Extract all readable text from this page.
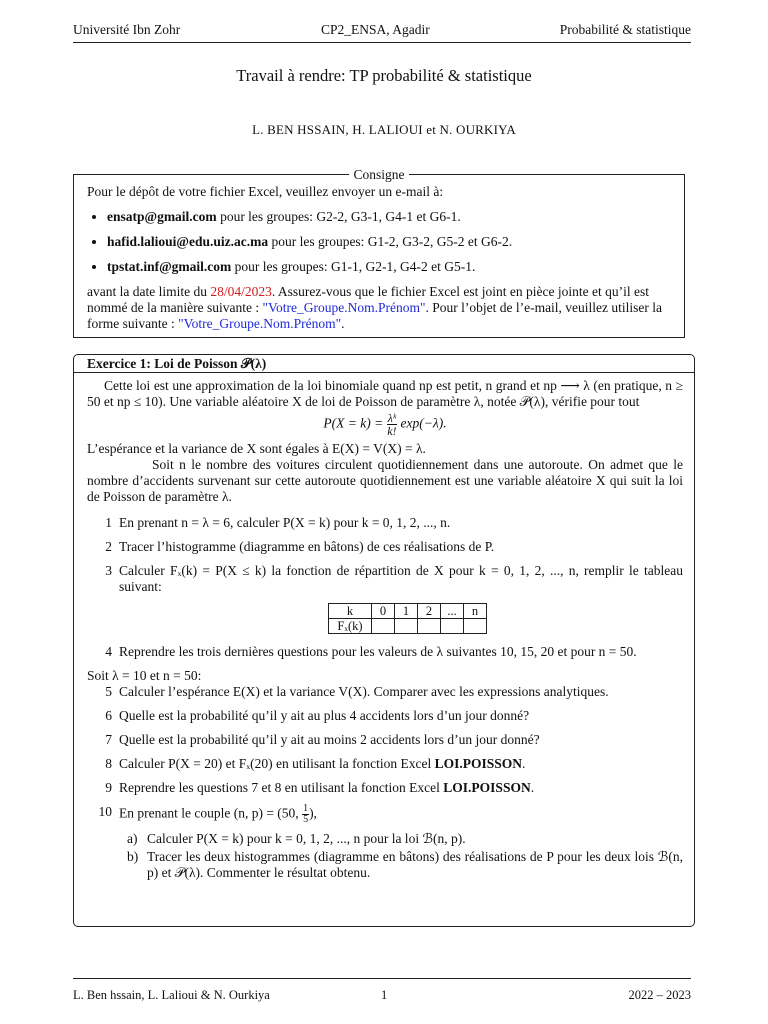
Université Ibn Zohr	CP2_ENSA, Agadir	Probabilité & statistique
Travail à rendre: TP probabilité & statistique
L. BEN HSSAIN, H. LALIOUI et N. OURKIYA
Consigne

Pour le dépôt de votre fichier Excel, veuillez envoyer un e-mail à:

• ensatp@gmail.com pour les groupes: G2-2, G3-1, G4-1 et G6-1.
• hafid.lalioui@edu.uiz.ac.ma pour les groupes: G1-2, G3-2, G5-2 et G6-2.
• tpstat.inf@gmail.com pour les groupes: G1-1, G2-1, G4-2 et G5-1.

avant la date limite du 28/04/2023. Assurez-vous que le fichier Excel est joint en pièce jointe et qu’il est nommé de la manière suivante : "Votre_Groupe.Nom.Prénom". Pour l’objet de l’e-mail, veuillez utiliser la forme suivante : "Votre_Groupe.Nom.Prénom".

Exercice 1: Loi de Poisson 𝒫(λ)

Cette loi est une approximation de la loi binomiale quand np est petit, n grand et np ⟶ λ (en pratique, n ≥ 50 et np ≤ 10). Une variable aléatoire X de loi de Poisson de paramètre λ, notée 𝒫(λ), vérifie pour tout

$P(X = k) = \frac{\text{λᵏ}}{k!} \exp(-\lambda)$.

L’espérance et la variance de X sont égales à E(X) = V(X) = λ.

Soit n le nombre des voitures circulent quotidiennement dans une autoroute. On admet que le nombre d’accidents survenant sur cette autoroute quotidiennement est une variable aléatoire X qui suit la loi de Poisson de paramètre λ.

1 En prenant n = λ = 6, calculer P(X = k) pour k = 0, 1, 2, ..., n.
2 Tracer l’histogramme (diagramme en bâtons) de ces réalisations de P.
3 Calculer Fₓ(k) = P(X ≤ k) la fonction de répartition de X pour k = 0, 1, 2, ..., n, remplir le tableau suivant:
k	0	1	2	...	n
Fₓ(k)					
4 Reprendre les trois dernières questions pour les valeurs de λ suivantes 10, 15, 20 et pour n = 50.

Soit λ = 10 et n = 50:

5 Calculer l’espérance E(X) et la variance V(X). Comparer avec les expressions analytiques.
6 Quelle est la probabilité qu’il y ait au plus 4 accidents lors d’un jour donné?
7 Quelle est la probabilité qu’il y ait au moins 2 accidents lors d’un jour donné?
8 Calculer P(X = 20) et Fₓ(20) en utilisant la fonction Excel LOI.POISSON.
9 Reprendre les questions 7 et 8 en utilisant la fonction Excel LOI.POISSON.
10 En prenant le couple (n, p) = (50, $\frac{1}{5}$ ),
a) Calculer P(X = k) pour k = 0, 1, 2, ..., n pour la loi ℬ(n, p).
b) Tracer les deux histogrammes (diagramme en bâtons) des réalisations de P pour les deux lois ℬ(n, p) et 𝒫(λ). Commenter le résultat obtenu.
L. Ben hssain, L. Lalioui & N. Ourkiya	1	2022 – 2023
